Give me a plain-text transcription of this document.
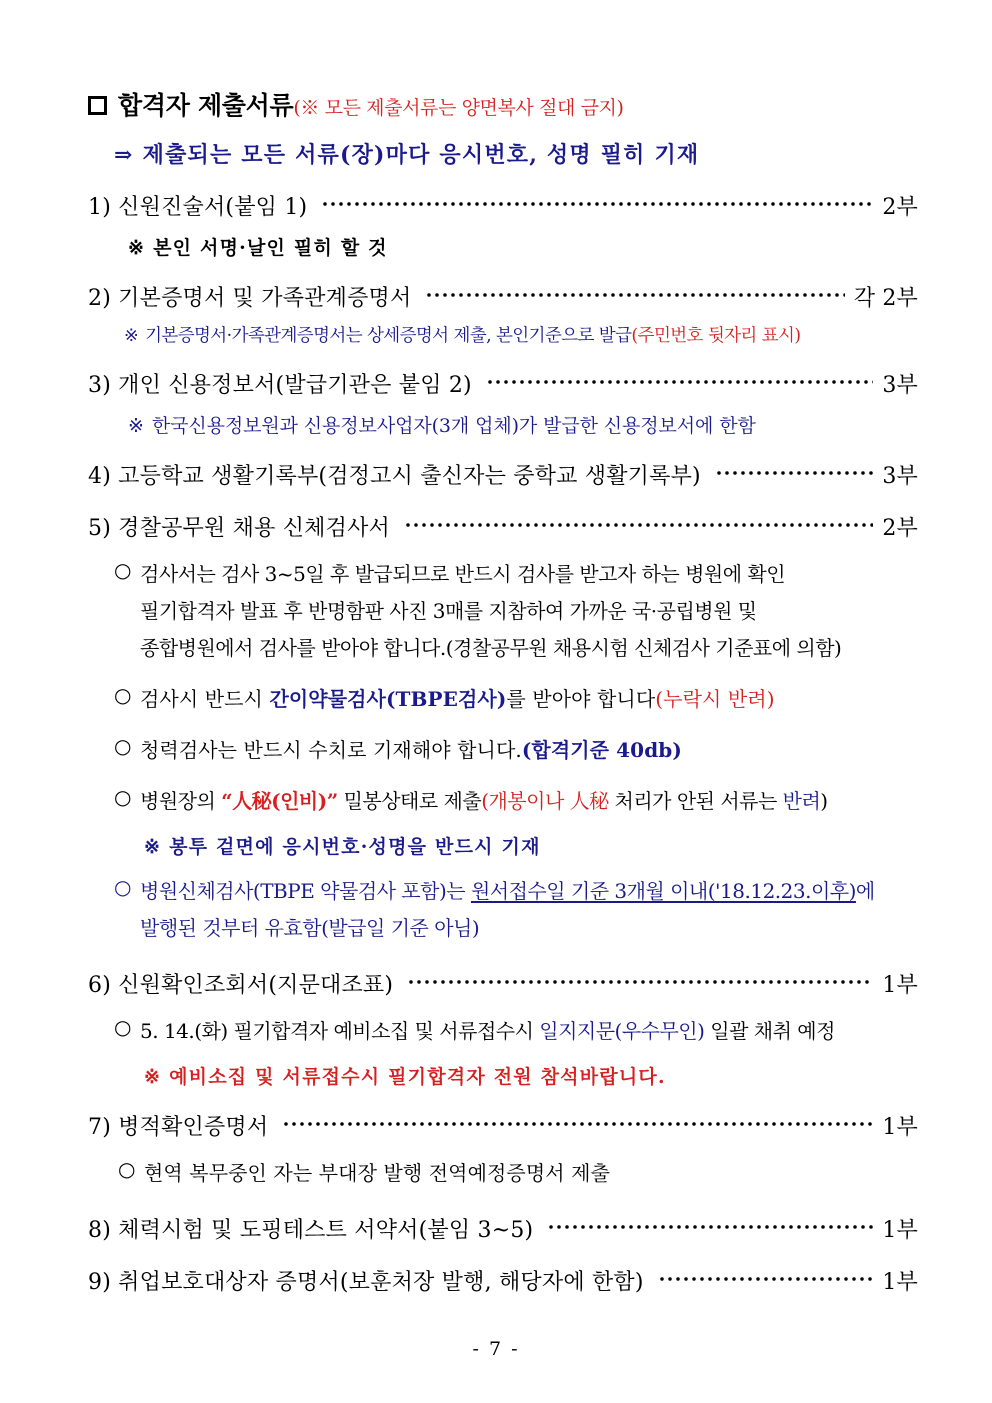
합격자 제출서류(※ 모든 제출서류는 양면복사 절대 금지)
⇒ 제출되는 모든 서류(장)마다 응시번호, 성명 필히 기재
1) 신원진술서(붙임 1)	2부
※ 본인 서명·날인 필히 할 것
2) 기본증명서 및 가족관계증명서	각 2부
※ 기본증명서·가족관계증명서는 상세증명서 제출, 본인기준으로 발급(주민번호 뒷자리 표시)
3) 개인 신용정보서(발급기관은 붙임 2)	3부
※ 한국신용정보원과 신용정보사업자(3개 업체)가 발급한 신용정보서에 한함
4) 고등학교 생활기록부(검정고시 출신자는 중학교 생활기록부)	3부
5) 경찰공무원 채용 신체검사서	2부
○ 검사서는 검사 3~5일 후 발급되므로 반드시 검사를 받고자 하는 병원에 확인
필기합격자 발표 후 반명함판 사진 3매를 지참하여 가까운 국·공립병원 및
종합병원에서 검사를 받아야 합니다.(경찰공무원 채용시험 신체검사 기준표에 의함)
○ 검사시 반드시 간이약물검사(TBPE검사)를 받아야 합니다(누락시 반려)
○ 청력검사는 반드시 수치로 기재해야 합니다.(합격기준 40db)
○ 병원장의 “人秘(인비)” 밀봉상태로 제출(개봉이나 人秘 처리가 안된 서류는 반려)
※ 봉투 겉면에 응시번호·성명을 반드시 기재
○ 병원신체검사(TBPE 약물검사 포함)는 원서접수일 기준 3개월 이내('18.12.23.이후)에
발행된 것부터 유효함(발급일 기준 아님)
6) 신원확인조회서(지문대조표)	1부
○ 5. 14.(화) 필기합격자 예비소집 및 서류접수시 일지지문(우수무인) 일괄 채취 예정
※ 예비소집 및 서류접수시 필기합격자 전원 참석바랍니다.
7) 병적확인증명서	1부
○ 현역 복무중인 자는 부대장 발행 전역예정증명서 제출
8) 체력시험 및 도핑테스트 서약서(붙임 3~5)	1부
9) 취업보호대상자 증명서(보훈처장 발행, 해당자에 한함)	1부
- 7 -
